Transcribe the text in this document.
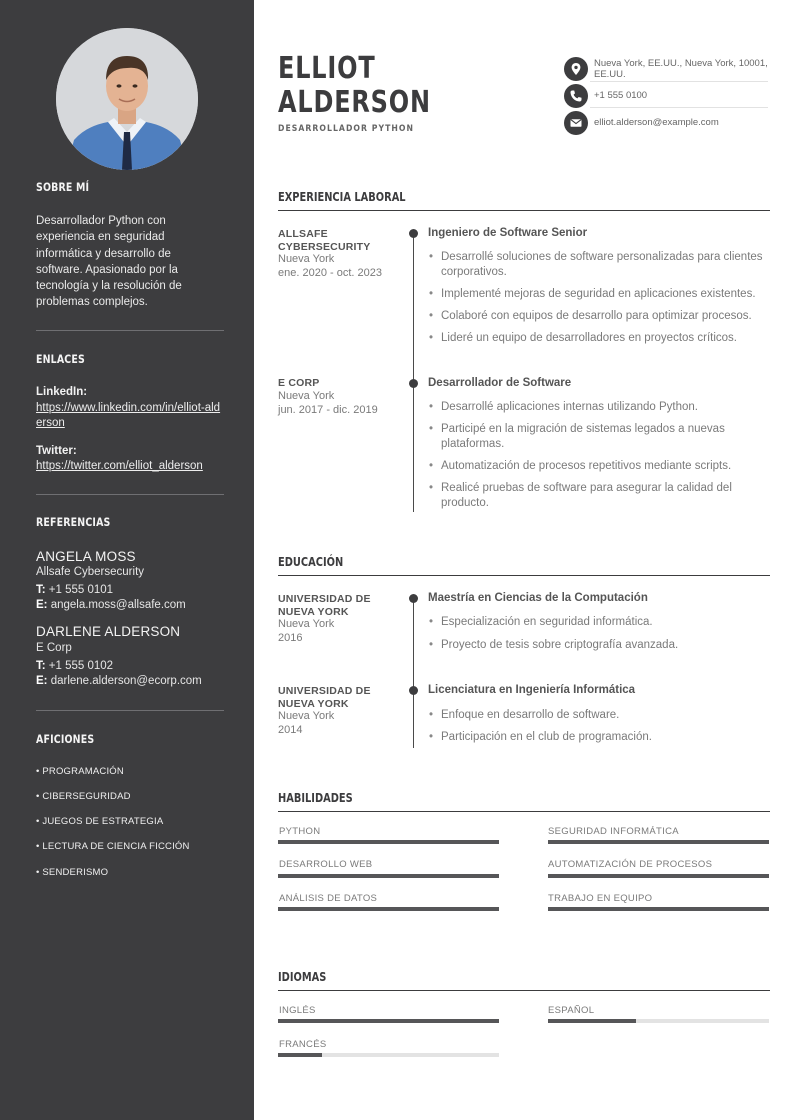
SOBRE MÍ
Desarrollador Python con experiencia en seguridad informática y desarrollo de software. Apasionado por la tecnología y la resolución de problemas complejos.
ENLACES
LinkedIn:
https://www.linkedin.com/in/elliot-alderson
Twitter:
https://twitter.com/elliot_alderson
REFERENCIAS
ANGELA MOSS
Allsafe Cybersecurity
T: +1 555 0101
E: angela.moss@allsafe.com
DARLENE ALDERSON
E Corp
T: +1 555 0102
E: darlene.alderson@ecorp.com
AFICIONES
• PROGRAMACIÓN
• CIBERSEGURIDAD
• JUEGOS DE ESTRATEGIA
• LECTURA DE CIENCIA FICCIÓN
• SENDERISMO
ELLIOT
ALDERSON
DESARROLLADOR PYTHON
Nueva York, EE.UU., Nueva York, 10001, EE.UU.
+1 555 0100
elliot.alderson@example.com
EXPERIENCIA LABORAL
ALLSAFE CYBERSECURITY
Nueva York
ene. 2020 - oct. 2023
Ingeniero de Software Senior
• Desarrollé soluciones de software personalizadas para clientes corporativos.
• Implementé mejoras de seguridad en aplicaciones existentes.
• Colaboré con equipos de desarrollo para optimizar procesos.
• Lideré un equipo de desarrolladores en proyectos críticos.
E CORP
Nueva York
jun. 2017 - dic. 2019
Desarrollador de Software
• Desarrollé aplicaciones internas utilizando Python.
• Participé en la migración de sistemas legados a nuevas plataformas.
• Automatización de procesos repetitivos mediante scripts.
• Realicé pruebas de software para asegurar la calidad del producto.
EDUCACIÓN
UNIVERSIDAD DE NUEVA YORK
Nueva York
2016
Maestría en Ciencias de la Computación
• Especialización en seguridad informática.
• Proyecto de tesis sobre criptografía avanzada.
UNIVERSIDAD DE NUEVA YORK
Nueva York
2014
Licenciatura en Ingeniería Informática
• Enfoque en desarrollo de software.
• Participación en el club de programación.
HABILIDADES
PYTHON	SEGURIDAD INFORMÁTICA
DESARROLLO WEB	AUTOMATIZACIÓN DE PROCESOS
ANÁLISIS DE DATOS	TRABAJO EN EQUIPO
IDIOMAS
INGLÉS	ESPAÑOL
FRANCÉS
